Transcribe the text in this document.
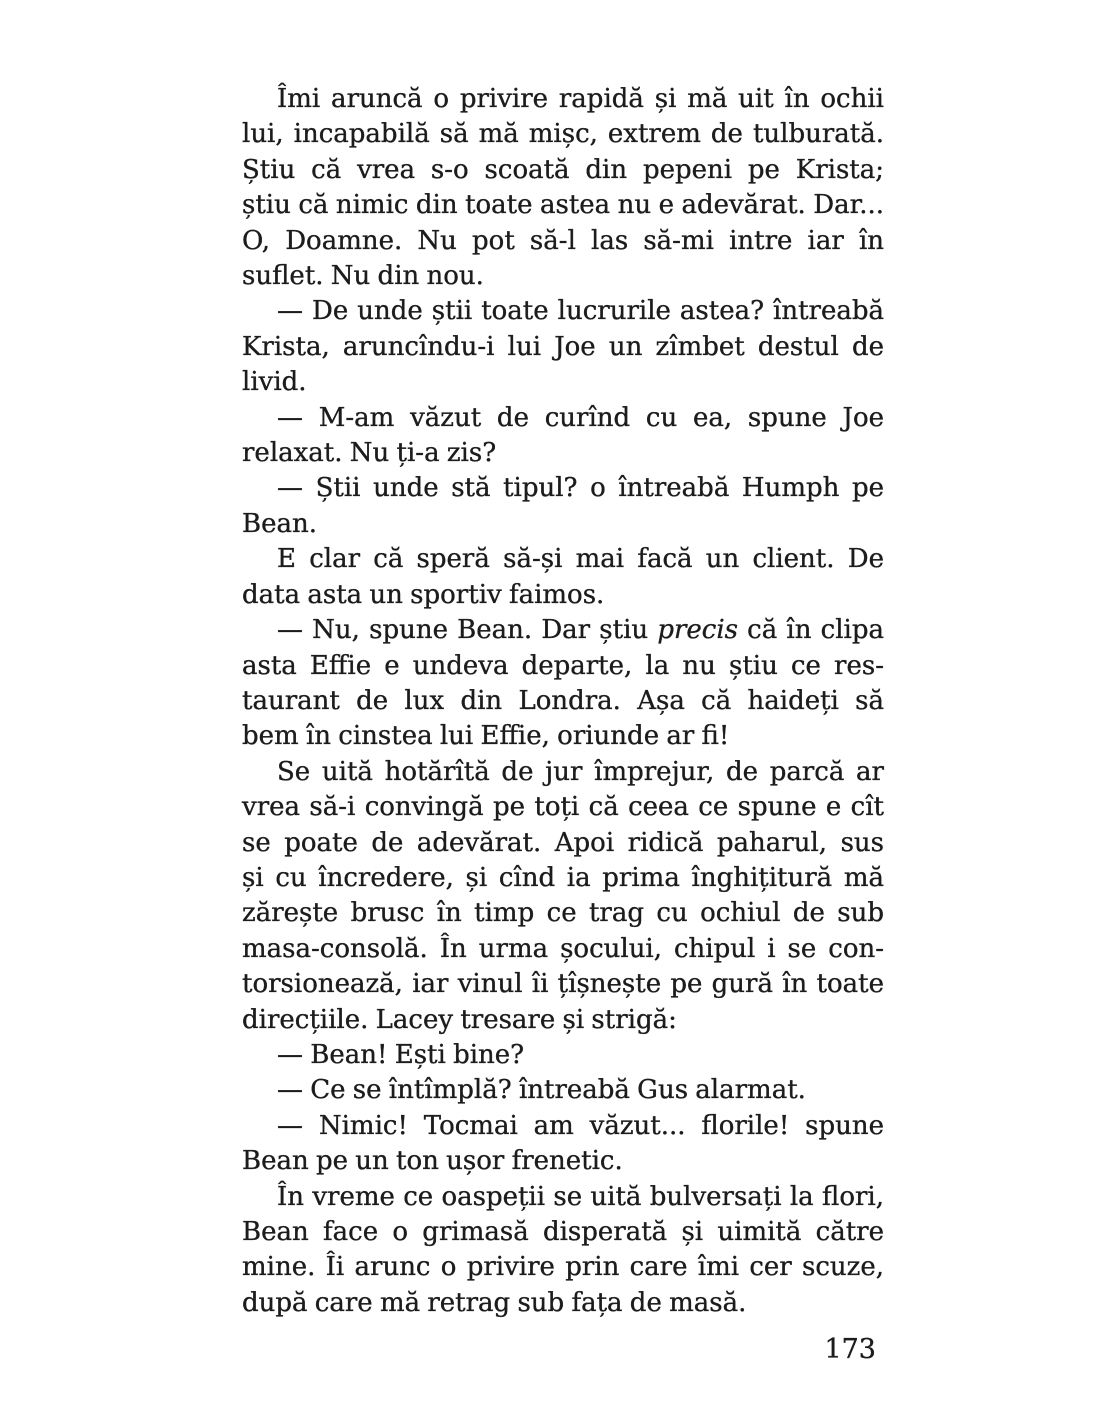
Îmi aruncă o privire rapidă și mă uit în ochii
lui, incapabilă să mă mișc, extrem de tulburată.
Știu că vrea s-o scoată din pepeni pe Krista;
știu că nimic din toate astea nu e adevărat. Dar...
O, Doamne. Nu pot să-l las să-mi intre iar în
suflet. Nu din nou.
— De unde știi toate lucrurile astea? întreabă
Krista, aruncîndu-i lui Joe un zîmbet destul de
livid.
— M-am văzut de curînd cu ea, spune Joe
relaxat. Nu ți-a zis?
— Știi unde stă tipul? o întreabă Humph pe
Bean.
E clar că speră să-și mai facă un client. De
data asta un sportiv faimos.
— Nu, spune Bean. Dar știu precis că în clipa
asta Effie e undeva departe, la nu știu ce res-
taurant de lux din Londra. Așa că haideți să
bem în cinstea lui Effie, oriunde ar fi!
Se uită hotărîtă de jur împrejur, de parcă ar
vrea să-i convingă pe toți că ceea ce spune e cît
se poate de adevărat. Apoi ridică paharul, sus
și cu încredere, și cînd ia prima înghițitură mă
zărește brusc în timp ce trag cu ochiul de sub
masa-consolă. În urma șocului, chipul i se con-
torsionează, iar vinul îi țîșnește pe gură în toate
direcțiile. Lacey tresare și strigă:
— Bean! Ești bine?
— Ce se întîmplă? întreabă Gus alarmat.
— Nimic! Tocmai am văzut... florile! spune
Bean pe un ton ușor frenetic.
În vreme ce oaspeții se uită bulversați la flori,
Bean face o grimasă disperată și uimită către
mine. Îi arunc o privire prin care îmi cer scuze,
după care mă retrag sub fața de masă.
173
